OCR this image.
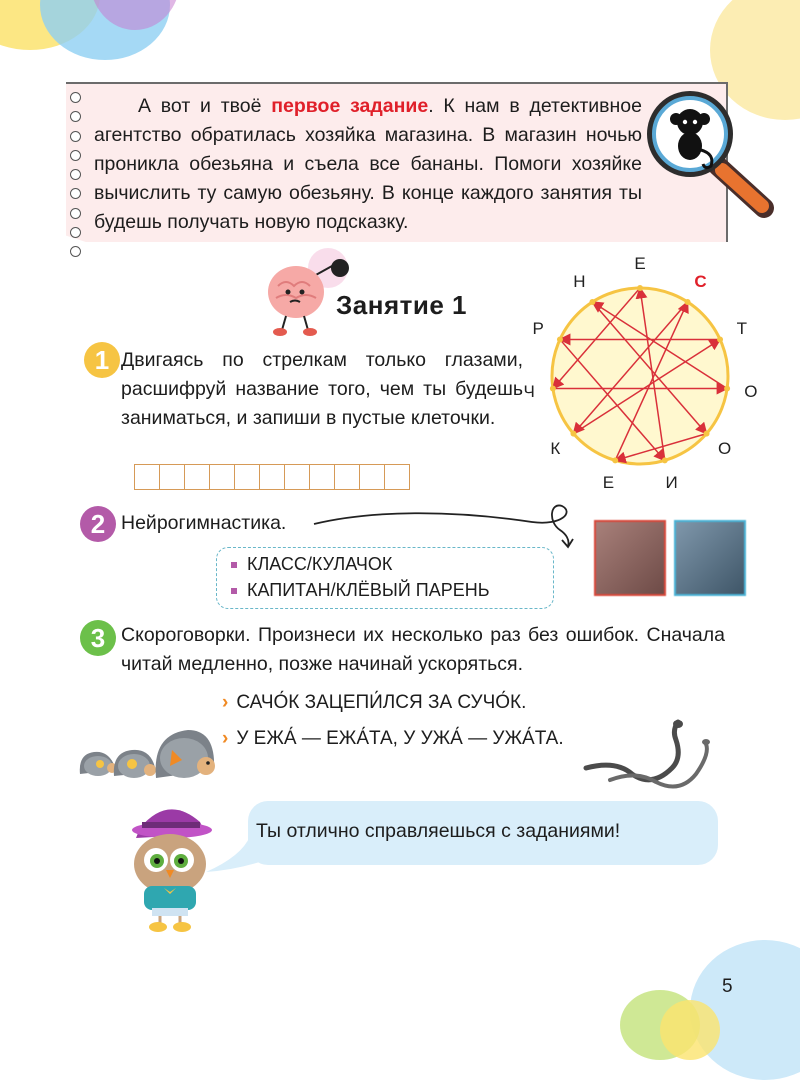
А вот и твоё первое задание. К нам в детективное агентство обратилась хозяйка магазина. В магазин ночью проникла обезьяна и съела все бананы. Помоги хозяйке вычислить ту самую обезьяну. В конце каждого занятия ты будешь получать новую подсказку.
Занятие 1
1 Двигаясь по стрелкам только глазами, расшифруй название того, чем ты будешь заниматься, и запиши в пустые клеточки.
Е
С
Т
О
О
И
Е
К
Ч
Р
Н
2 Нейрогимнастика.
КЛАСС/КУЛАЧОК
КАПИТАН/КЛЁВЫЙ ПАРЕНЬ
3 Скороговорки. Произнеси их несколько раз без ошибок. Сначала читай медленно, позже начинай ускоряться.
› САЧО́К ЗАЦЕПИ́ЛСЯ ЗА СУЧО́К.
› У ЕЖА́ — ЕЖА́ТА, У УЖА́ — УЖА́ТА.
Ты отлично справляешься с заданиями!
5
